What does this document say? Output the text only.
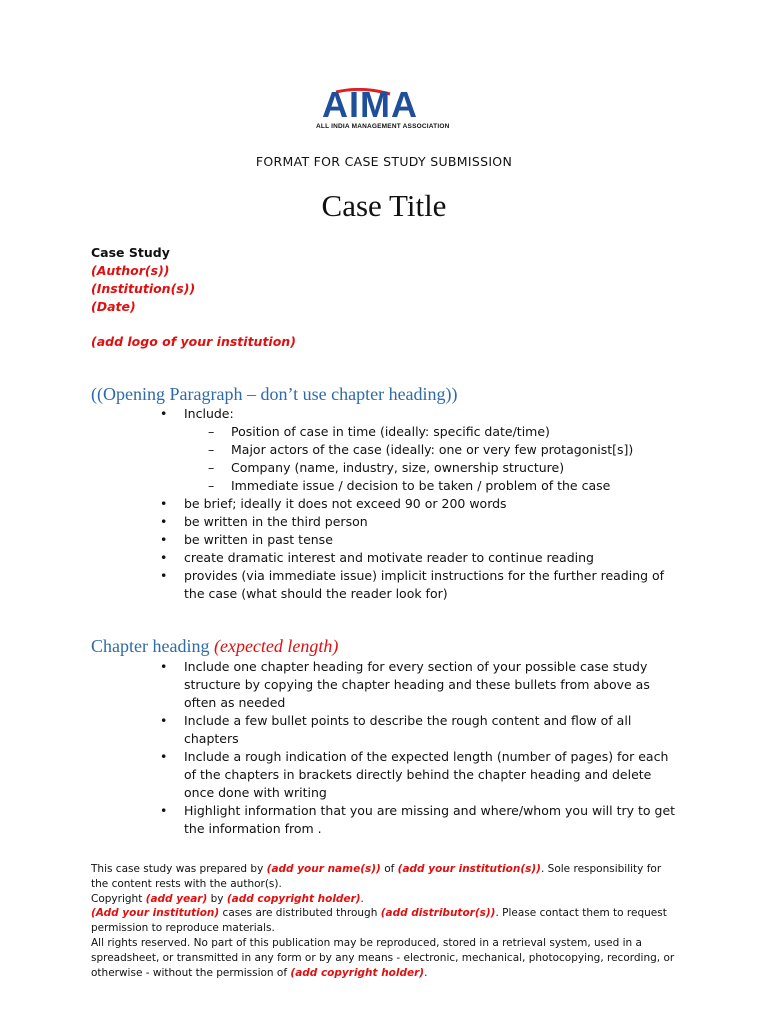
AIMA
ALL INDIA MANAGEMENT ASSOCIATION
FORMAT FOR CASE STUDY SUBMISSION
Case Title
Case Study
(Author(s))
(Institution(s))
(Date)
(add logo of your institution)
((Opening Paragraph – don’t use chapter heading))
• Include:
– Position of case in time (ideally: specific date/time)
– Major actors of the case (ideally: one or very few protagonist[s])
– Company (name, industry, size, ownership structure)
– Immediate issue / decision to be taken / problem of the case
• be brief; ideally it does not exceed 90 or 200 words
• be written in the third person
• be written in past tense
• create dramatic interest and motivate reader to continue reading
• provides (via immediate issue) implicit instructions for the further reading of the case (what should the reader look for)
Chapter heading (expected length)
• Include one chapter heading for every section of your possible case study structure by copying the chapter heading and these bullets from above as often as needed
• Include a few bullet points to describe the rough content and flow of all chapters
• Include a rough indication of the expected length (number of pages) for each of the chapters in brackets directly behind the chapter heading and delete once done with writing
• Highlight information that you are missing and where/whom you will try to get the information from .

This case study was prepared by (add your name(s)) of (add your institution(s)). Sole responsibility for the content rests with the author(s).

Copyright (add year) by (add copyright holder).

(Add your institution) cases are distributed through (add distributor(s)). Please contact them to request permission to reproduce materials.

All rights reserved. No part of this publication may be reproduced, stored in a retrieval system, used in a spreadsheet, or transmitted in any form or by any means - electronic, mechanical, photocopying, recording, or otherwise - without the permission of (add copyright holder).
